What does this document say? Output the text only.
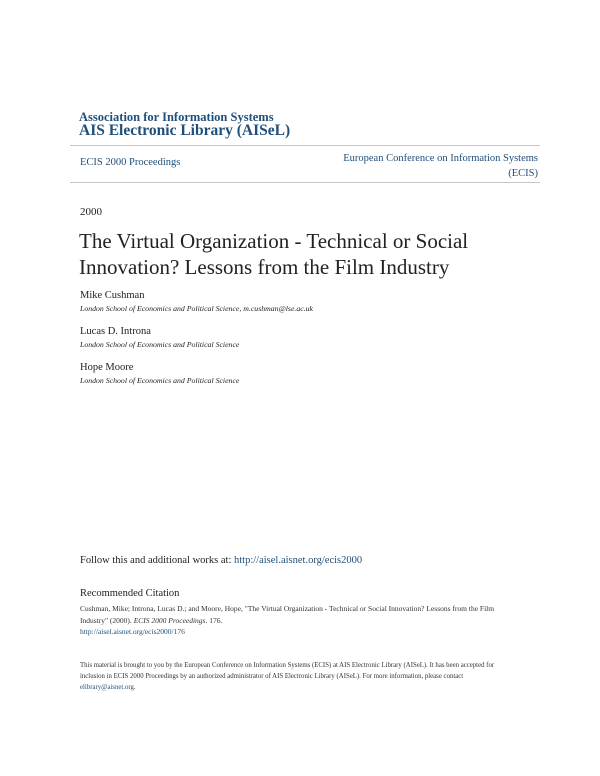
Association for Information Systems
AIS Electronic Library (AISeL)
ECIS 2000 Proceedings	European Conference on Information Systems
(ECIS)
2000
The Virtual Organization - Technical or Social
Innovation? Lessons from the Film Industry
Mike Cushman
London School of Economics and Political Science, m.cushman@lse.ac.uk
Lucas D. Introna
London School of Economics and Political Science
Hope Moore
London School of Economics and Political Science
Follow this and additional works at: http://aisel.aisnet.org/ecis2000
Recommended Citation
Cushman, Mike; Introna, Lucas D.; and Moore, Hope, "The Virtual Organization - Technical or Social Innovation? Lessons from the Film Industry" (2000). ECIS 2000 Proceedings. 176.
http://aisel.aisnet.org/ecis2000/176
This material is brought to you by the European Conference on Information Systems (ECIS) at AIS Electronic Library (AISeL). It has been accepted for inclusion in ECIS 2000 Proceedings by an authorized administrator of AIS Electronic Library (AISeL). For more information, please contact elibrary@aisnet.org.
